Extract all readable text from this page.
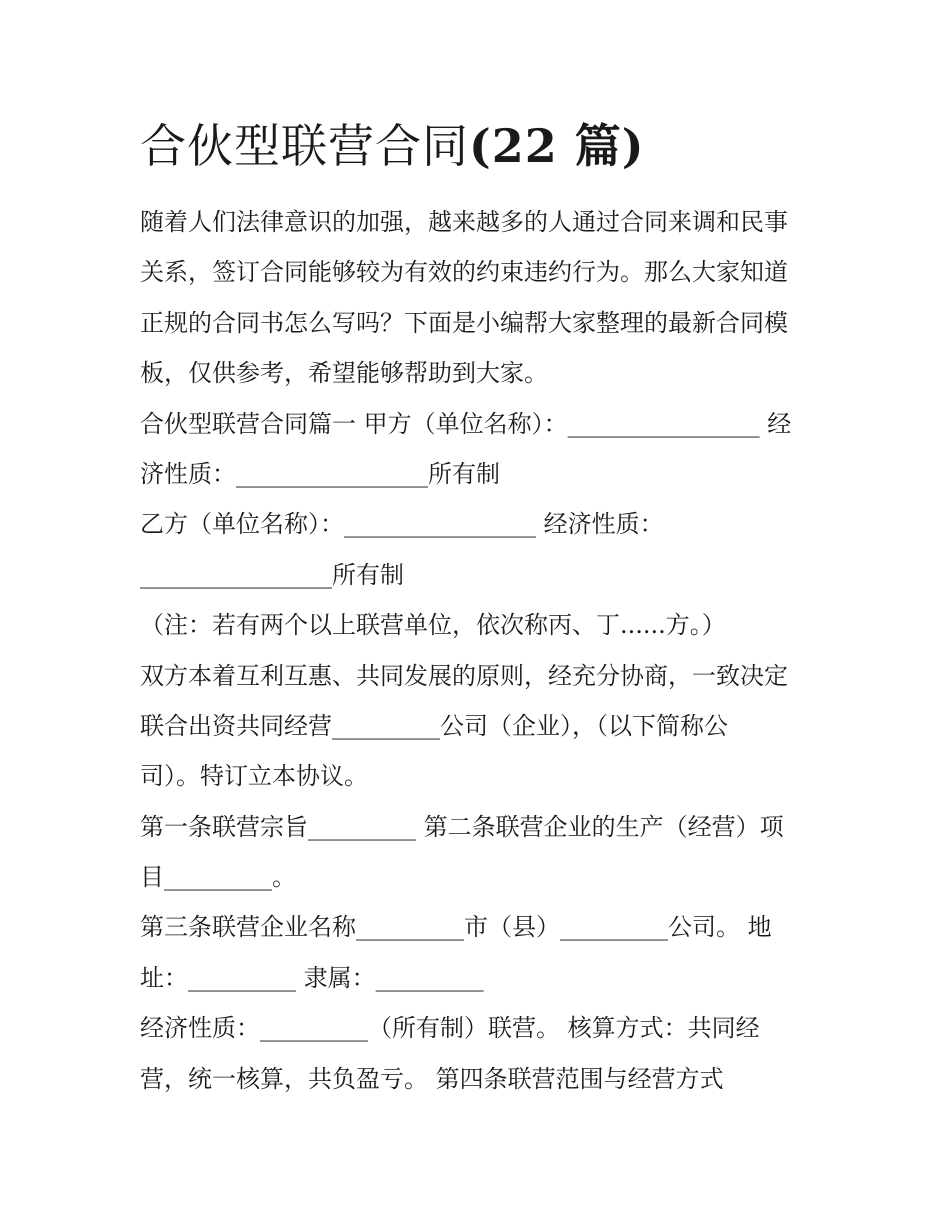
合伙型联营合同(22 篇)
随着人们法律意识的加强，越来越多的人通过合同来调和民事
关系，签订合同能够较为有效的约束违约行为。那么大家知道
正规的合同书怎么写吗？下面是小编帮大家整理的最新合同模
板，仅供参考，希望能够帮助到大家。
合伙型联营合同篇一 甲方（单位名称）：________________ 经
济性质：________________所有制
乙方（单位名称）：________________ 经济性质：
________________所有制
（注：若有两个以上联营单位，依次称丙、丁......方。）
双方本着互利互惠、共同发展的原则，经充分协商，一致决定
联合出资共同经营_________公司（企业），（以下简称公
司）。特订立本协议。
第一条联营宗旨_________ 第二条联营企业的生产（经营）项
目_________。
第三条联营企业名称_________市（县）_________公司。 地
址：_________ 隶属：_________
经济性质：_________（所有制）联营。 核算方式：共同经
营，统一核算，共负盈亏。 第四条联营范围与经营方式
